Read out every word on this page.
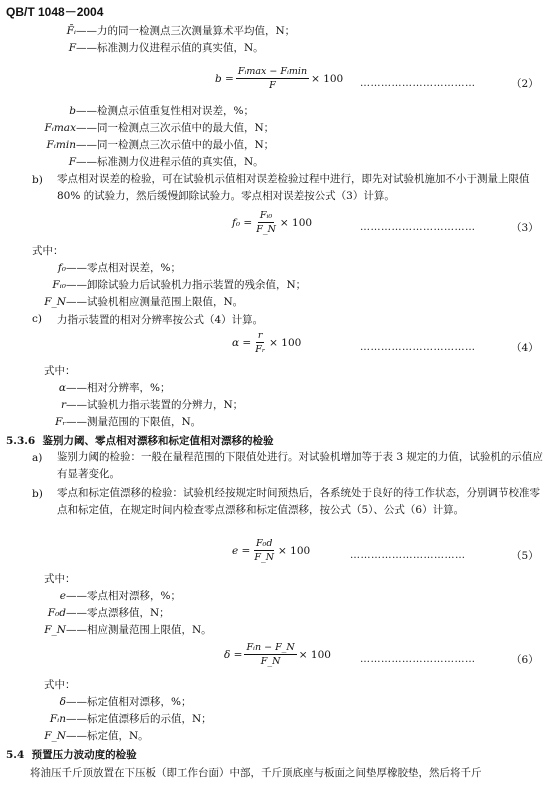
QB/T 1048－2004
F̄ᵢ——力的同一检测点三次测量算术平均值，N；
F——标准测力仪进程示值的真实值，N。
$b = \frac{\text{Fᵢmax − Fᵢmin}}{F} \times 100$ ……………………………	（2）
b——检测点示值重复性相对误差，%；
Fᵢmax——同一检测点三次示值中的最大值，N；
Fᵢmin——同一检测点三次示值中的最小值，N；
F——标准测力仪进程示值的真实值，N。
b) 零点相对误差的检验，可在试验机示值相对误差检验过程中进行，即先对试验机施加不小于测量上限值 80% 的试验力，然后缓慢卸除试验力。零点相对误差按公式（3）计算。
$f_0 = \frac{\text{Fᵢ₀}}{F\_N} \times 100$	……………………………	（3）
式中：
f₀——零点相对误差，%；
Fᵢ₀——卸除试验力后试验机力指示装置的残余值，N；
F_N——试验机相应测量范围上限值，N。
c) 力指示装置的相对分辨率按公式（4）计算。
$\alpha = \frac{r}{\text{Fᵣ}} \times 100$	……………………………	（4）
式中：
α——相对分辨率，%；
r——试验机力指示装置的分辨力，N；
Fᵣ——测量范围的下限值，N。
5.3.6 鉴别力阈、零点相对漂移和标定值相对漂移的检验
a) 鉴别力阈的检验：一般在量程范围的下限值处进行。对试验机增加等于表 3 规定的力值，试验机的示值应有显著变化。
b) 零点和标定值漂移的检验：试验机经按规定时间预热后，各系统处于良好的待工作状态，分别调节校准零点和标定值，在规定时间内检查零点漂移和标定值漂移，按公式（5）、公式（6）计算。
$e = \frac{\text{F₀d}}{F\_N} \times 100$	……………………………	（5）
式中：
e——零点相对漂移，%；
F₀d——零点漂移值，N；
F_N——相应测量范围上限值，N。
$\delta = \frac{\text{Fᵢn − F\_N}}{F\_N} \times 100$	……………………………	（6）
式中：
δ——标定值相对漂移，%；
Fᵢn——标定值漂移后的示值，N；
F_N——标定值，N。
5.4 预置压力波动度的检验
将油压千斤顶放置在下压板（即工作台面）中部，千斤顶底座与板面之间垫厚橡胶垫，然后将千斤
